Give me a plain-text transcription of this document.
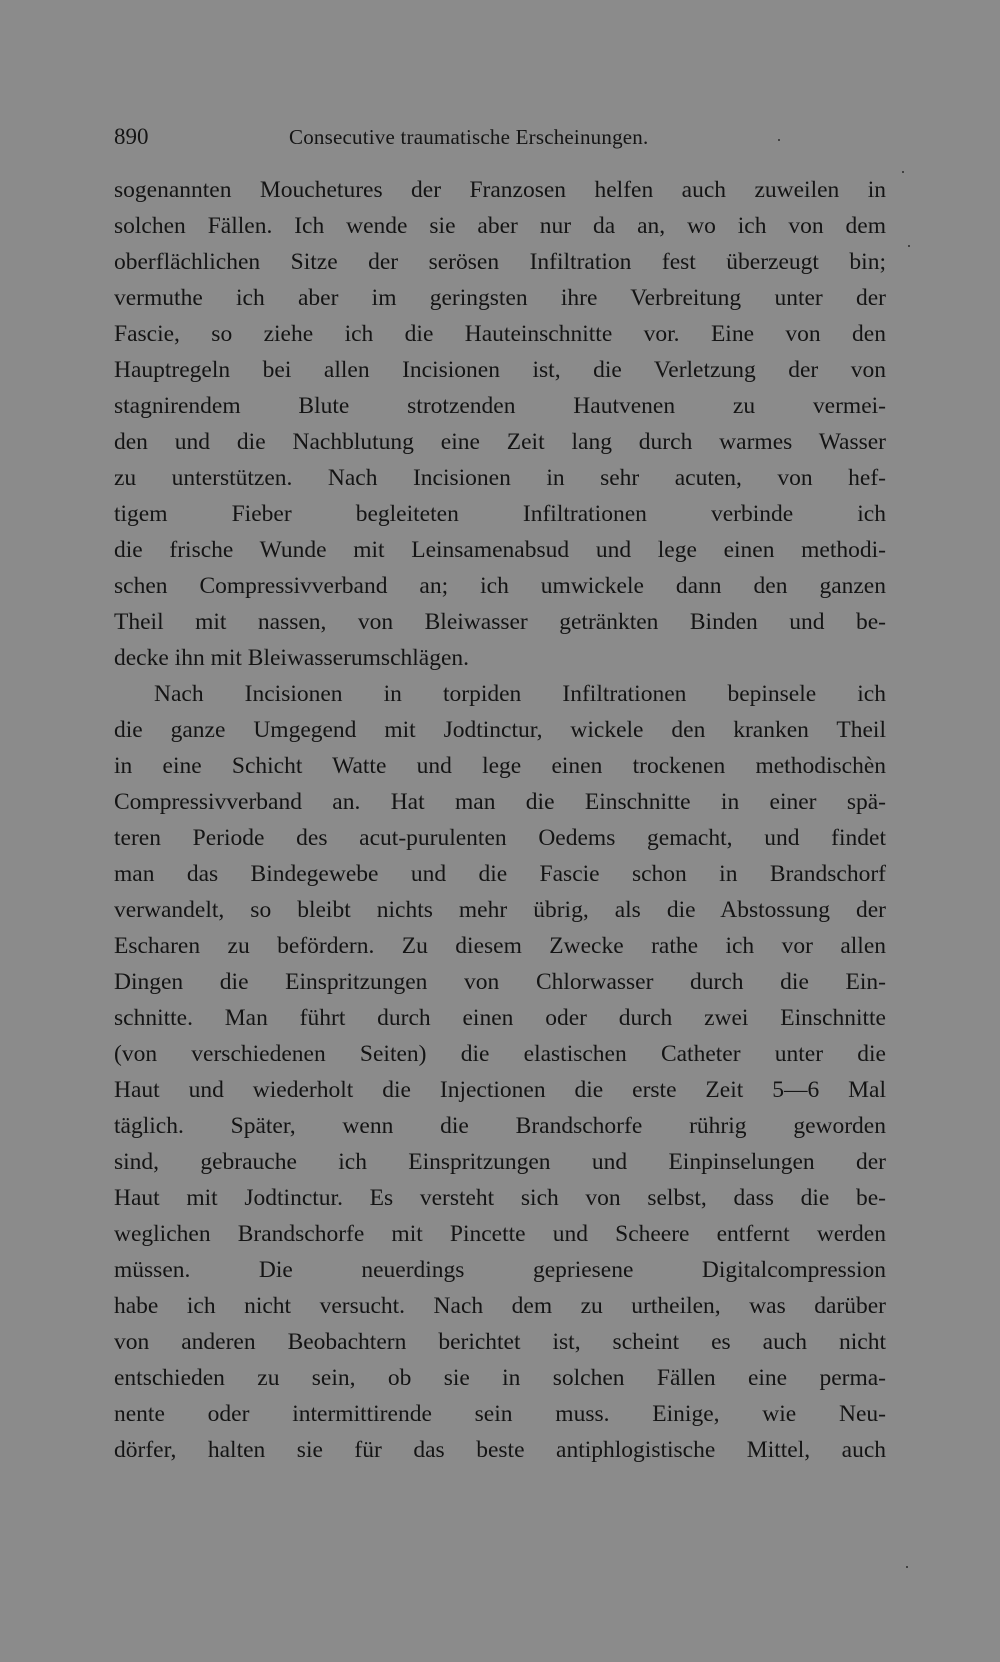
890	Consecutive traumatische Erscheinungen.
sogenannten Mouchetures der Franzosen helfen auch zuweilen in
solchen Fällen. Ich wende sie aber nur da an, wo ich von dem
oberflächlichen Sitze der serösen Infiltration fest überzeugt bin;
vermuthe ich aber im geringsten ihre Verbreitung unter der
Fascie, so ziehe ich die Hauteinschnitte vor. Eine von den
Hauptregeln bei allen Incisionen ist, die Verletzung der von
stagnirendem Blute strotzenden Hautvenen zu vermei-
den und die Nachblutung eine Zeit lang durch warmes Wasser
zu unterstützen. Nach Incisionen in sehr acuten, von hef-
tigem Fieber begleiteten Infiltrationen verbinde ich
die frische Wunde mit Leinsamenabsud und lege einen methodi-
schen Compressivverband an; ich umwickele dann den ganzen
Theil mit nassen, von Bleiwasser getränkten Binden und be-
decke ihn mit Bleiwasserumschlägen.
Nach Incisionen in torpiden Infiltrationen bepinsele ich
die ganze Umgegend mit Jodtinctur, wickele den kranken Theil
in eine Schicht Watte und lege einen trockenen methodischèn
Compressivverband an. Hat man die Einschnitte in einer spä-
teren Periode des acut-purulenten Oedems gemacht, und findet
man das Bindegewebe und die Fascie schon in Brandschorf
verwandelt, so bleibt nichts mehr übrig, als die Abstossung der
Escharen zu befördern. Zu diesem Zwecke rathe ich vor allen
Dingen die Einspritzungen von Chlorwasser durch die Ein-
schnitte. Man führt durch einen oder durch zwei Einschnitte
(von verschiedenen Seiten) die elastischen Catheter unter die
Haut und wiederholt die Injectionen die erste Zeit 5—6 Mal
täglich. Später, wenn die Brandschorfe rührig geworden
sind, gebrauche ich Einspritzungen und Einpinselungen der
Haut mit Jodtinctur. Es versteht sich von selbst, dass die be-
weglichen Brandschorfe mit Pincette und Scheere entfernt werden
müssen. Die neuerdings gepriesene Digitalcompression
habe ich nicht versucht. Nach dem zu urtheilen, was darüber
von anderen Beobachtern berichtet ist, scheint es auch nicht
entschieden zu sein, ob sie in solchen Fällen eine perma-
nente oder intermittirende sein muss. Einige, wie Neu-
dörfer, halten sie für das beste antiphlogistische Mittel, auch
